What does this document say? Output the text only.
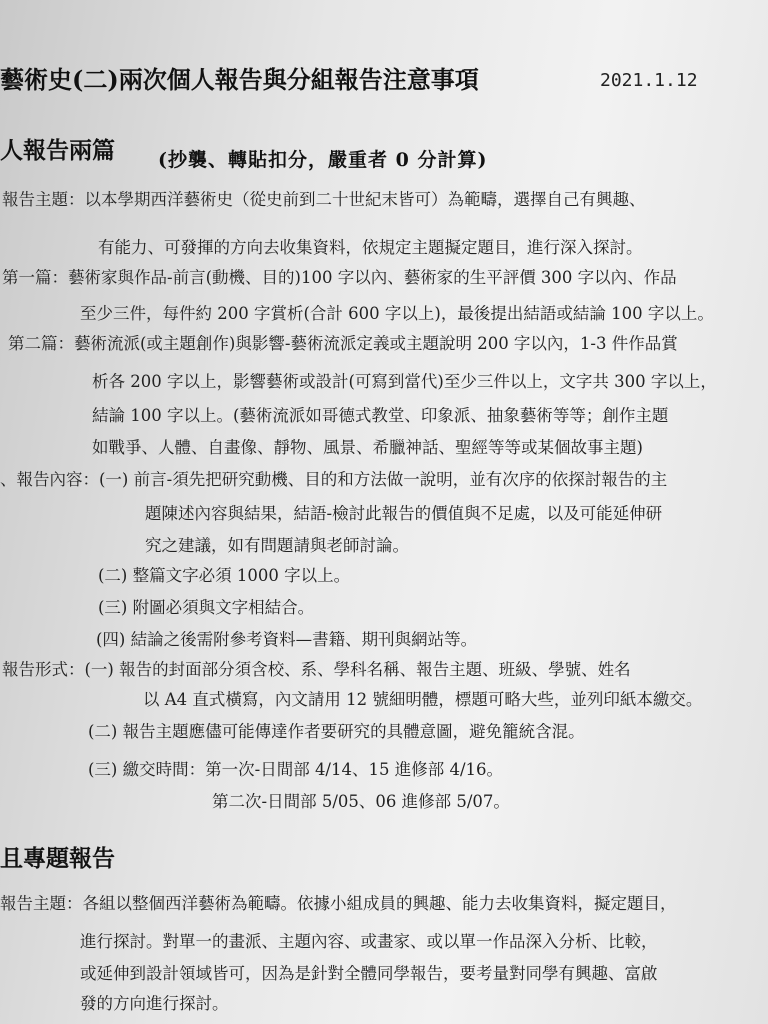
藝術史(二)兩次個人報告與分組報告注意事項	2021.1.12
人報告兩篇 (抄襲、轉貼扣分，嚴重者 0 分計算)
報告主題：以本學期西洋藝術史（從史前到二十世紀末皆可）為範疇，選擇自己有興趣、
有能力、可發揮的方向去收集資料，依規定主題擬定題目，進行深入探討。
第一篇：藝術家與作品-前言(動機、目的)100 字以內、藝術家的生平評價 300 字以內、作品
至少三件，每件約 200 字賞析(合計 600 字以上)，最後提出結語或結論 100 字以上。
第二篇：藝術流派(或主題創作)與影響-藝術流派定義或主題說明 200 字以內，1-3 件作品賞
析各 200 字以上，影響藝術或設計(可寫到當代)至少三件以上，文字共 300 字以上，
結論 100 字以上。(藝術流派如哥德式教堂、印象派、抽象藝術等等；創作主題
如戰爭、人體、自畫像、靜物、風景、希臘神話、聖經等等或某個故事主題)
、報告內容：(一) 前言-須先把研究動機、目的和方法做一說明，並有次序的依探討報告的主
題陳述內容與結果，結語-檢討此報告的價值與不足處，以及可能延伸研
究之建議，如有問題請與老師討論。
(二) 整篇文字必須 1000 字以上。
(三) 附圖必須與文字相結合。
(四) 結論之後需附參考資料—書籍、期刊與網站等。
報告形式：(一) 報告的封面部分須含校、系、學科名稱、報告主題、班級、學號、姓名
以 A4 直式橫寫，內文請用 12 號細明體，標題可略大些，並列印紙本繳交。
(二) 報告主題應儘可能傳達作者要研究的具體意圖，避免籠統含混。
(三) 繳交時間：第一次-日間部 4/14、15 進修部 4/16。
第二次-日間部 5/05、06 進修部 5/07。
且專題報告
報告主題：各組以整個西洋藝術為範疇。依據小組成員的興趣、能力去收集資料，擬定題目，
進行探討。對單一的畫派、主題內容、或畫家、或以單一作品深入分析、比較，
或延伸到設計領域皆可，因為是針對全體同學報告，要考量對同學有興趣、富啟
發的方向進行探討。
